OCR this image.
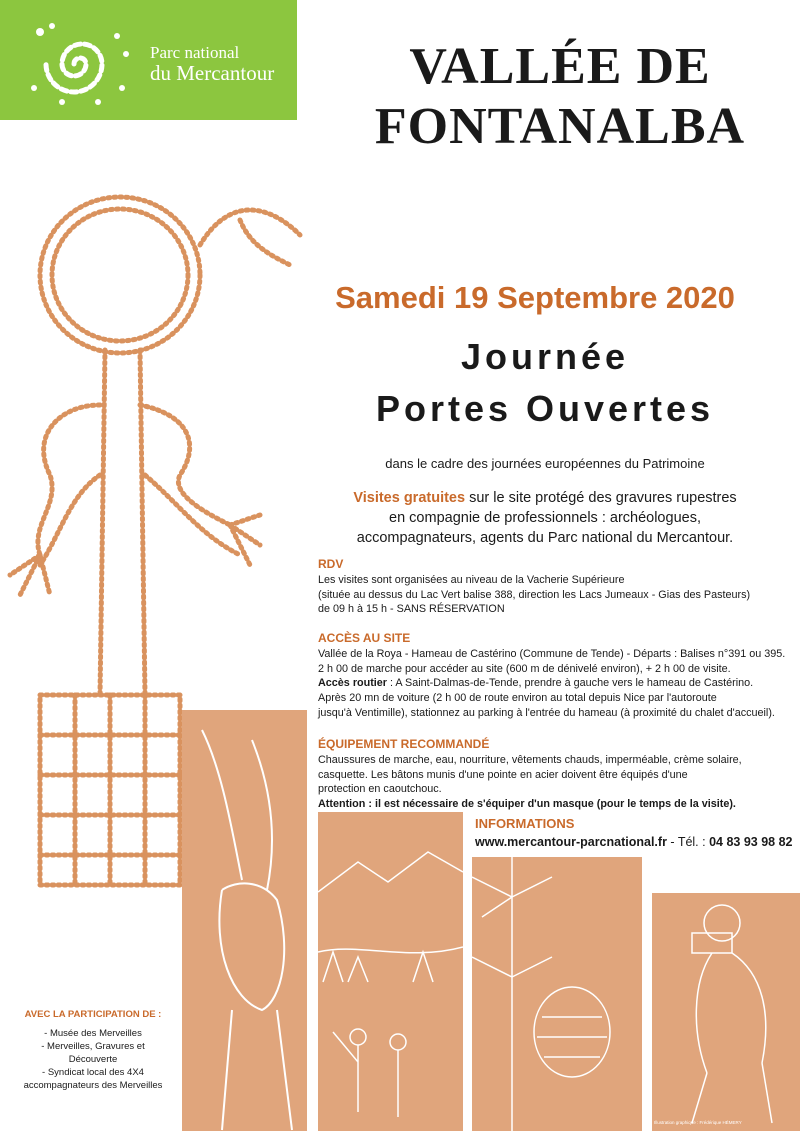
Parc national
du Mercantour	VALLÉE DE
FONTANALBA
Samedi 19 Septembre 2020
Journée
Portes Ouvertes
dans le cadre des journées européennes du Patrimoine
Visites gratuites sur le site protégé des gravures rupestres
en compagnie de professionnels : archéologues,
accompagnateurs, agents du Parc national du Mercantour.
RDV

Les visites sont organisées au niveau de la Vacherie Supérieure

(située au dessus du Lac Vert balise 388, direction les Lacs Jumeaux - Gias des Pasteurs)

de 09 h à 15 h - SANS RÉSERVATION

ACCÈS AU SITE

Vallée de la Roya - Hameau de Castérino (Commune de Tende) - Départs : Balises n°391 ou 395.

2 h 00 de marche pour accéder au site (600 m de dénivelé environ), + 2 h 00 de visite.

Accès routier : A Saint-Dalmas-de-Tende, prendre à gauche vers le hameau de Castérino.

Après 20 mn de voiture (2 h 00 de route environ au total depuis Nice par l'autoroute

jusqu'à Ventimille), stationnez au parking à l'entrée du hameau (à proximité du chalet d'accueil).

ÉQUIPEMENT RECOMMANDÉ

Chaussures de marche, eau, nourriture, vêtements chauds, imperméable, crème solaire,

casquette. Les bâtons munis d'une pointe en acier doivent être équipés d'une

protection en caoutchouc.

Attention : il est nécessaire de s'équiper d'un masque (pour le temps de la visite).

INFORMATIONS
www.mercantour-parcnational.fr - Tél. : 04 83 93 98 82
Illustration graphique : Frédérique HÉMERY
AVEC LA PARTICIPATION DE :
- Musée des Merveilles
- Merveilles, Gravures et
Découverte
- Syndicat local des 4X4
accompagnateurs des Merveilles
